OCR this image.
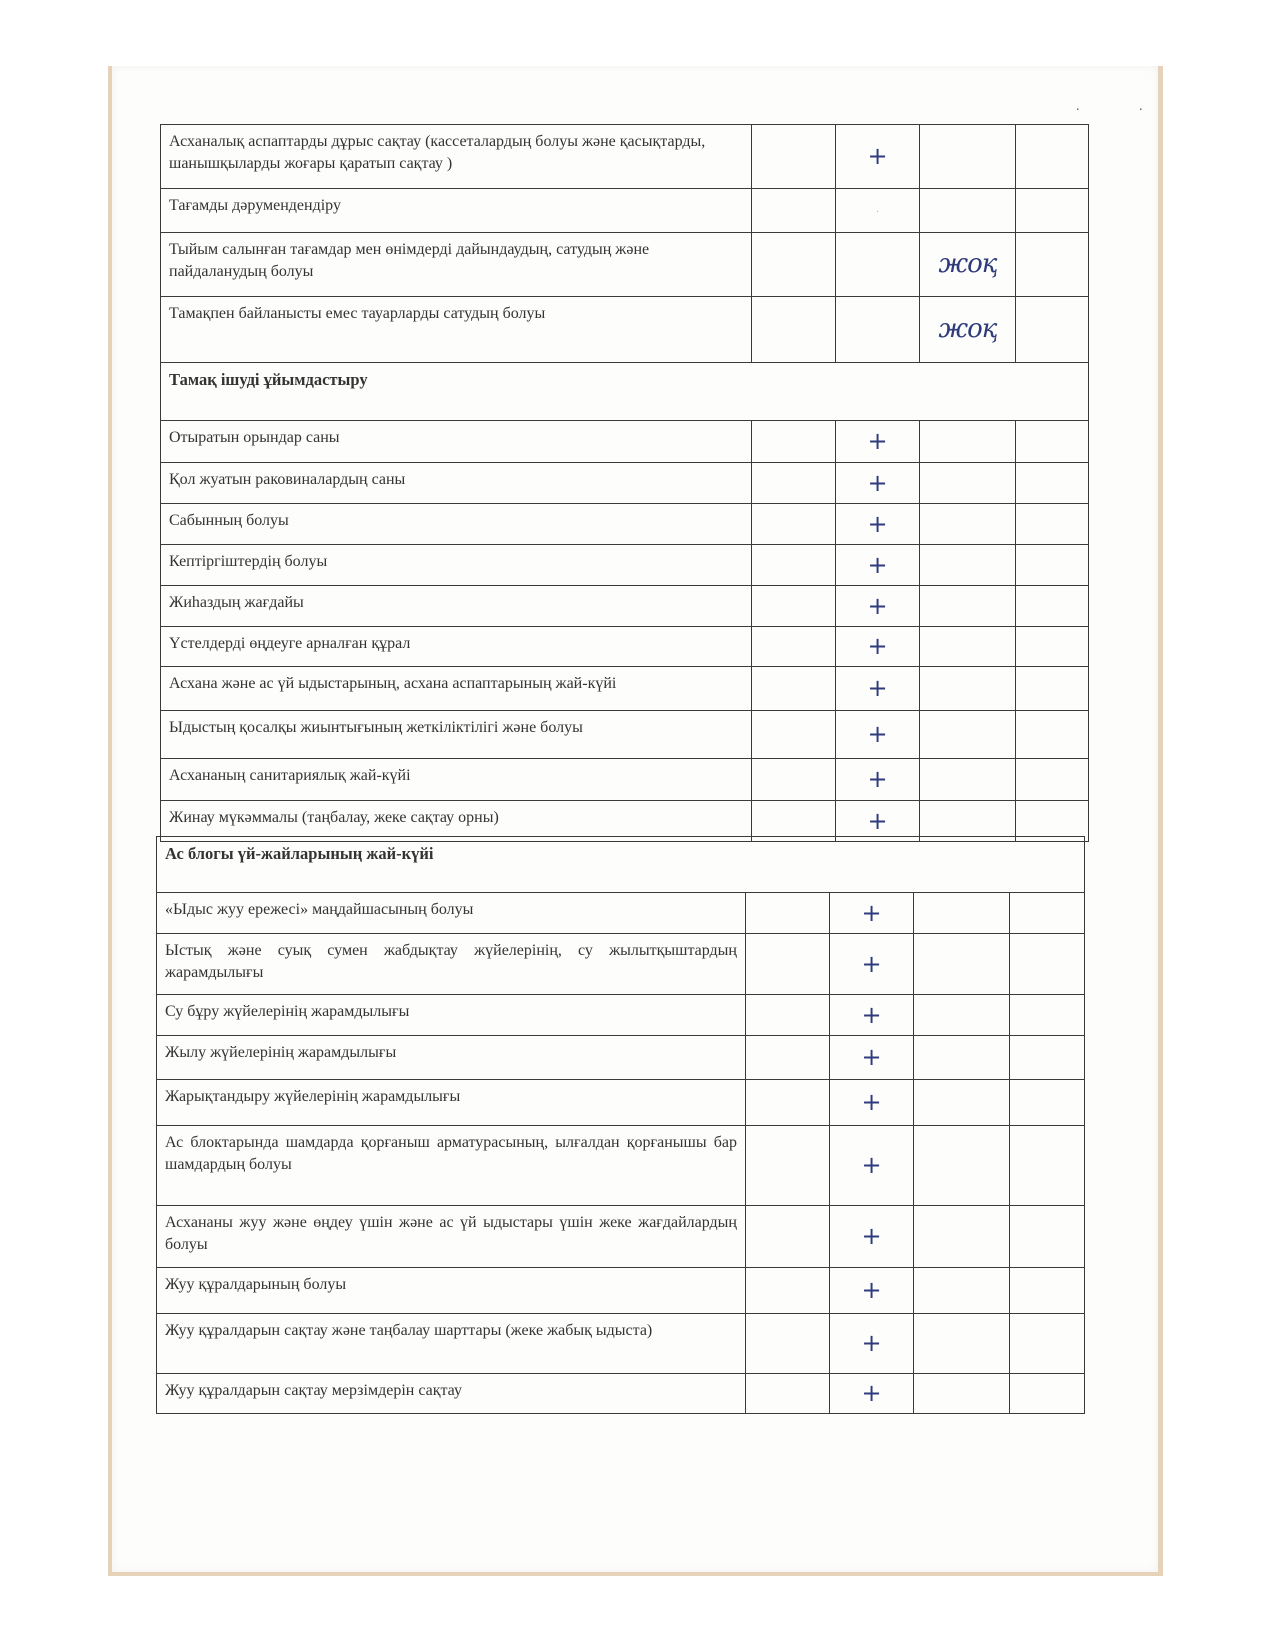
. .
Асханалық аспаптарды дұрыс сақтау (кассеталардың болуы және қасықтарды, шанышқыларды жоғары қаратып сақтау )		+		
Тағамды дәрумендендіру		·		
Тыйым салынған тағамдар мен өнімдерді дайындаудың, сатудың және пайдаланудың болуы			жоқ	
Тамақпен байланысты емес тауарларды сатудың болуы			жоқ	
Тамақ ішуді ұйымдастыру				
Отыратын орындар саны		+		
Қол жуатын раковиналардың саны		+		
Сабынның болуы		+		
Кептіргіштердің болуы		+		
Жиһаздың жағдайы		+		
Үстелдерді өңдеуге арналған құрал		+		
Асхана және ас үй ыдыстарының, асхана аспаптарының жай-күйі		+		
Ыдыстың қосалқы жиынтығының жеткіліктілігі және болуы		+		
Асхананың санитариялық жай-күйі		+		
Жинау мүкәммалы (таңбалау, жеке сақтау орны)		+		
Ас блогы үй-жайларының жай-күйі				
«Ыдыс жуу ережесі» маңдайшасының болуы		+		
Ыстық және суық сумен жабдықтау жүйелерінің, су жылытқыштардың жарамдылығы		+		
Су бұру жүйелерінің жарамдылығы		+		
Жылу жүйелерінің жарамдылығы		+		
Жарықтандыру жүйелерінің жарамдылығы		+		
Ас блоктарында шамдарда қорғаныш арматурасының, ылғалдан қорғанышы бар шамдардың болуы		+		
Асхананы жуу және өңдеу үшін және ас үй ыдыстары үшін жеке жағдайлардың болуы		+		
Жуу құралдарының болуы		+		
Жуу құралдарын сақтау және таңбалау шарттары (жеке жабық ыдыста)		+		
Жуу құралдарын сақтау мерзімдерін сақтау		+		
